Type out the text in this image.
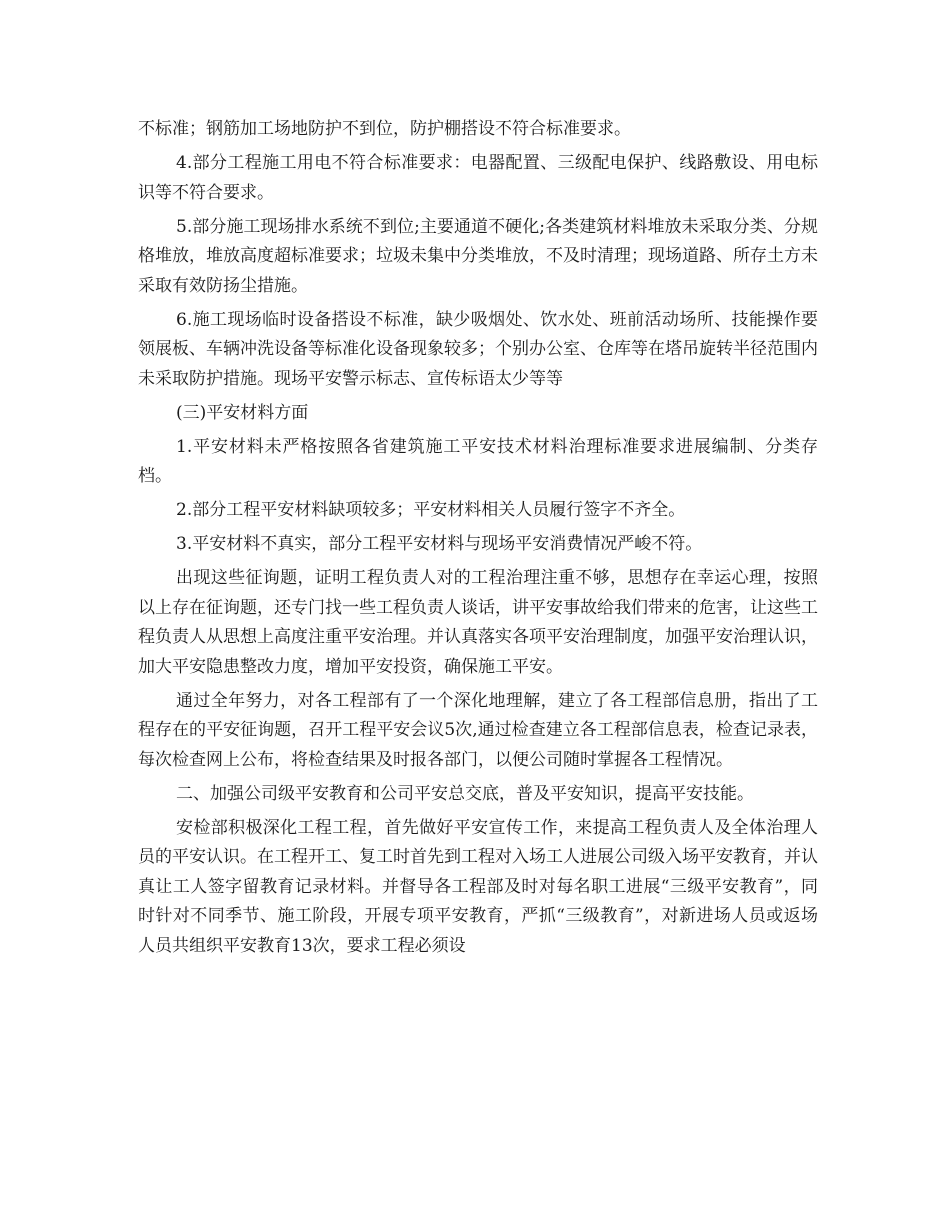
不标准；钢筋加工场地防护不到位，防护棚搭设不符合标准要求。

4.部分工程施工用电不符合标准要求：电器配置、三级配电保护、线路敷设、用电标识等不符合要求。

5.部分施工现场排水系统不到位;主要通道不硬化;各类建筑材料堆放未采取分类、分规格堆放，堆放高度超标准要求；垃圾未集中分类堆放，不及时清理；现场道路、所存土方未采取有效防扬尘措施。

6.施工现场临时设备搭设不标准，缺少吸烟处、饮水处、班前活动场所、技能操作要领展板、车辆冲洗设备等标准化设备现象较多；个别办公室、仓库等在塔吊旋转半径范围内未采取防护措施。现场平安警示标志、宣传标语太少等等

(三)平安材料方面

1.平安材料未严格按照各省建筑施工平安技术材料治理标准要求进展编制、分类存档。

2.部分工程平安材料缺项较多；平安材料相关人员履行签字不齐全。

3.平安材料不真实，部分工程平安材料与现场平安消费情况严峻不符。

出现这些征询题，证明工程负责人对的工程治理注重不够，思想存在幸运心理，按照以上存在征询题，还专门找一些工程负责人谈话，讲平安事故给我们带来的危害，让这些工程负责人从思想上高度注重平安治理。并认真落实各项平安治理制度，加强平安治理认识，加大平安隐患整改力度，增加平安投资，确保施工平安。

通过全年努力，对各工程部有了一个深化地理解，建立了各工程部信息册，指出了工程存在的平安征询题，召开工程平安会议5次,通过检查建立各工程部信息表，检查记录表，每次检查网上公布，将检查结果及时报各部门，以便公司随时掌握各工程情况。

二、加强公司级平安教育和公司平安总交底，普及平安知识，提高平安技能。

安检部积极深化工程工程，首先做好平安宣传工作，来提高工程负责人及全体治理人员的平安认识。在工程开工、复工时首先到工程对入场工人进展公司级入场平安教育，并认真让工人签字留教育记录材料。并督导各工程部及时对每名职工进展“三级平安教育”，同时针对不同季节、施工阶段，开展专项平安教育，严抓“三级教育”，对新进场人员或返场人员共组织平安教育13次，要求工程必须设
